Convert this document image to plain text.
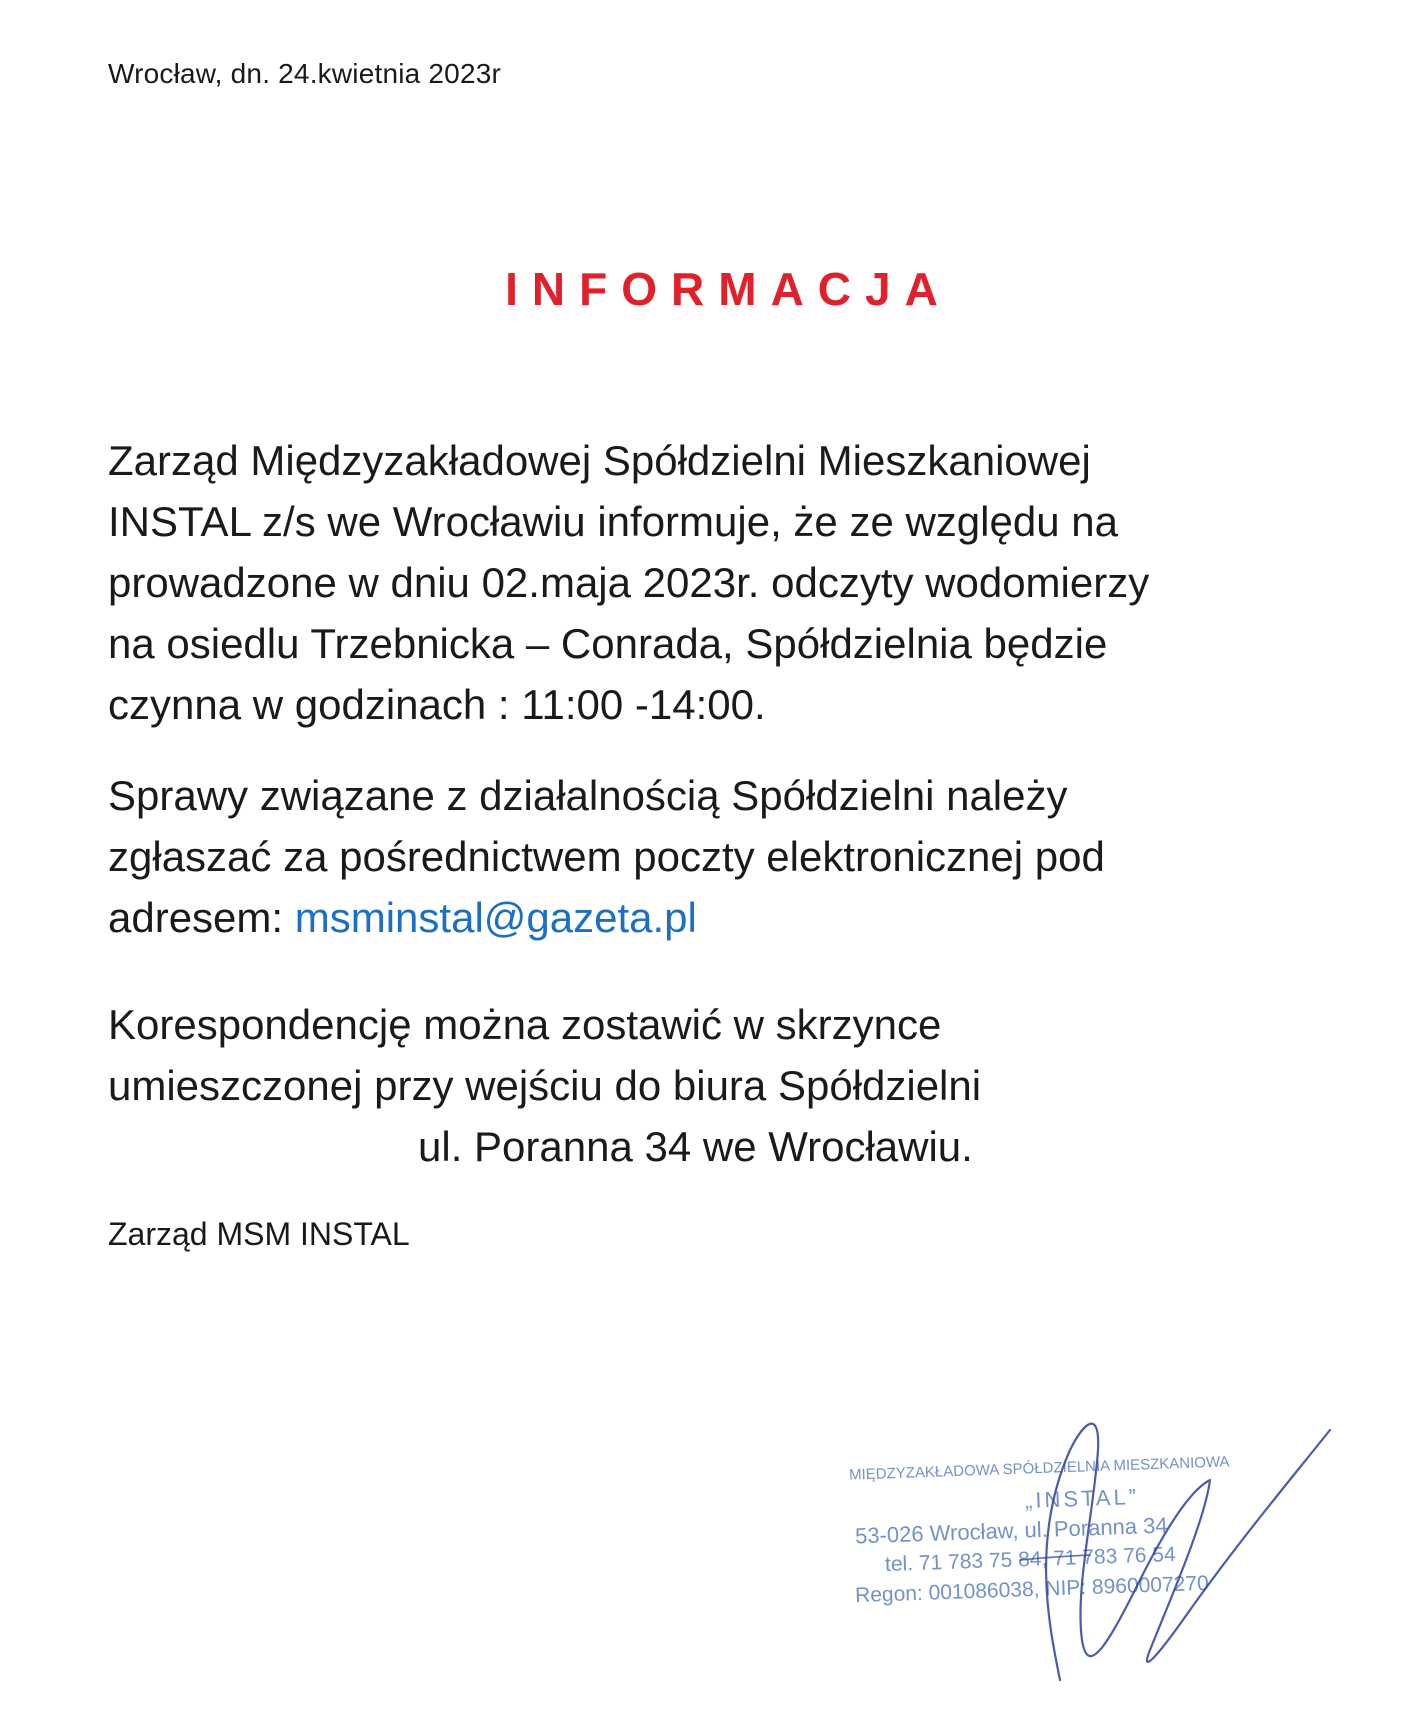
Wrocław, dn. 24.kwietnia 2023r
INFORMACJA
Zarząd Międzyzakładowej Spółdzielni Mieszkaniowej
INSTAL z/s we Wrocławiu informuje, że ze względu na
prowadzone w dniu 02.maja 2023r. odczyty wodomierzy
na osiedlu Trzebnicka – Conrada, Spółdzielnia będzie
czynna w godzinach : 11:00 -14:00.
Sprawy związane z działalnością Spółdzielni należy
zgłaszać za pośrednictwem poczty elektronicznej pod
adresem: msminstal@gazeta.pl
Korespondencję można zostawić w skrzynce
umieszczonej przy wejściu do biura Spółdzielni
ul. Poranna 34 we Wrocławiu.
Zarząd MSM INSTAL
MIĘDZYZAKŁADOWA SPÓŁDZIELNIA MIESZKANIOWA
„INSTAL”
53-026 Wrocław, ul. Poranna 34
tel. 71 783 75 84, 71 783 76 54
Regon: 001086038, NIP: 8960007270
